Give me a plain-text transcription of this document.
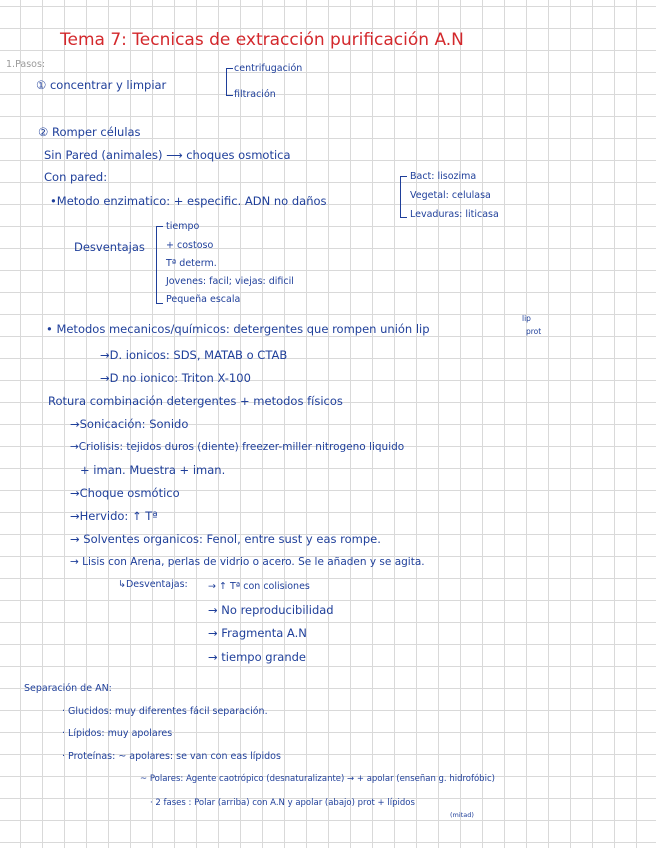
Tema 7: Tecnicas de extracción purificación A.N
1.Pasos:
① concentrar y limpiar
centrifugación
filtración
② Romper células
Sin Pared (animales) ⟶ choques osmotica
Con pared:
•Metodo enzimatico: + especific. ADN no daños
Bact: lisozima
Vegetal: celulasa
Levaduras: liticasa
Desventajas
tiempo
+ costoso
Tª determ.
Jovenes: facil; viejas: dificil
Pequeña escala
• Metodos mecanicos/químicos: detergentes que rompen unión lip
lip
prot
→D. ionicos: SDS, MATAB o CTAB
→D no ionico: Triton X-100
Rotura combinación detergentes + metodos físicos
→Sonicación: Sonido
→Criolisis: tejidos duros (diente) freezer-miller nitrogeno liquido
+ iman. Muestra + iman.
→Choque osmótico
→Hervido: ↑ Tª
→ Solventes organicos: Fenol, entre sust y eas rompe.
→ Lisis con Arena, perlas de vidrio o acero. Se le añaden y se agita.
↳Desventajas: → ↑ Tª con colisiones
→ No reproducibilidad
→ Fragmenta A.N
→ tiempo grande
Separación de AN:
· Glucidos: muy diferentes fácil separación.
· Lípidos: muy apolares
· Proteínas: ~ apolares: se van con eas lípidos
~ Polares: Agente caotrópico (desnaturalizante) → + apolar (enseñan g. hidrofóbic)
· 2 fases : Polar (arriba) con A.N y apolar (abajo) prot + lípidos
(mitad)
